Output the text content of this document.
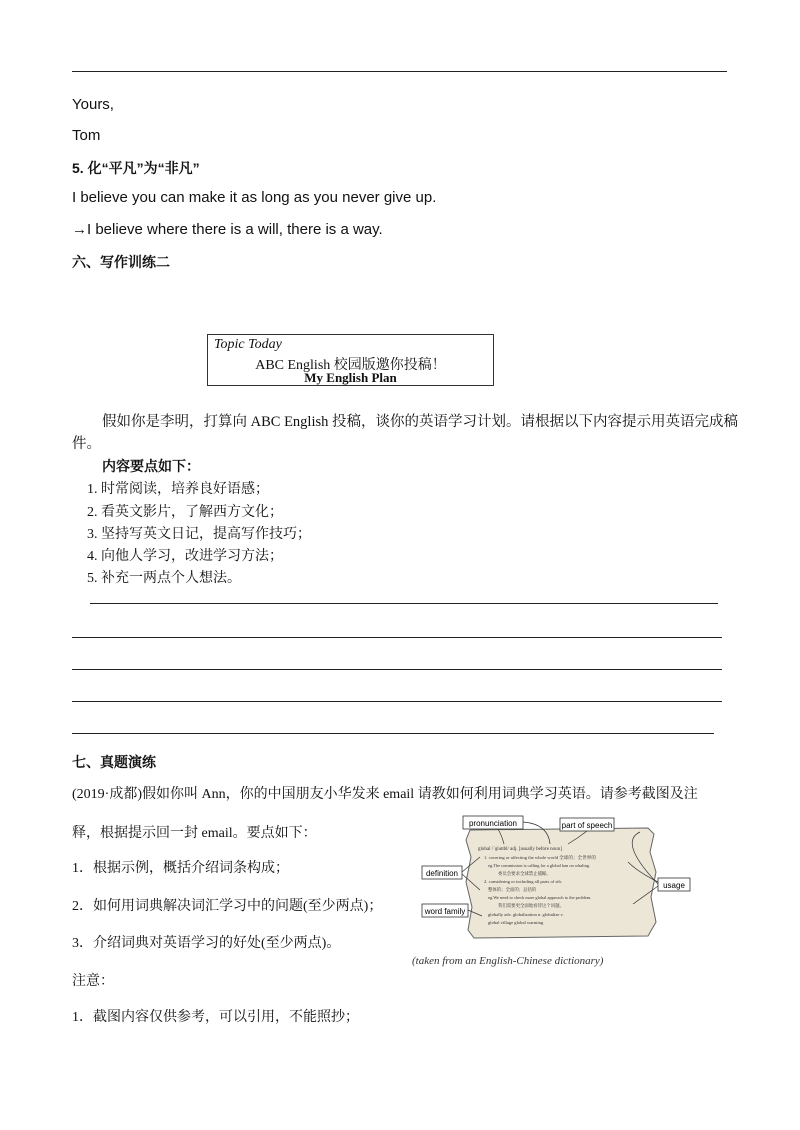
Yours,
Tom
5. 化“平凡”为“非凡”
I believe you can make it as long as you never give up.
→I believe where there is a will, there is a way.
六、写作训练二
Topic Today
ABC English 校园版邀你投稿！
My English Plan
假如你是李明，打算向 ABC English 投稿，谈你的英语学习计划。请根据以下内容提示用英语完成稿
件。
内容要点如下：
1. 时常阅读，培养良好语感；
2. 看英文影片，了解西方文化；
3. 坚持写英文日记，提高写作技巧；
4. 向他人学习，改进学习方法；
5. 补充一两点个人想法。
七、真题演练
(2019·成都)假如你叫 Ann，你的中国朋友小华发来 email 请教如何利用词典学习英语。请参考截图及注
释，根据提示回一封 email。要点如下：
1．根据示例，概括介绍词条构成；
2．如何用词典解决词汇学习中的问题(至少两点)；
3．介绍词典对英语学习的好处(至少两点)。
注意：
1．截图内容仅供参考，可以引用，不能照抄；
pronunciation	part of speech
definition
usage
word family
global /ˈɡləʊbl/ adj. [usually before noun]
1. covering or affecting the whole world 全球的；全世界的
eg.The commission is calling for a global ban on whaling.
委员会要求全球禁止捕鲸。
2. considering or including all parts of sth.
整体的；全面的；总括的
eg.We need to check more global approach to the problem.
我们需要更全面地看待这个问题。
globally adv. globalization n. globalize v.
global village global warming
(taken from an English-Chinese dictionary)
